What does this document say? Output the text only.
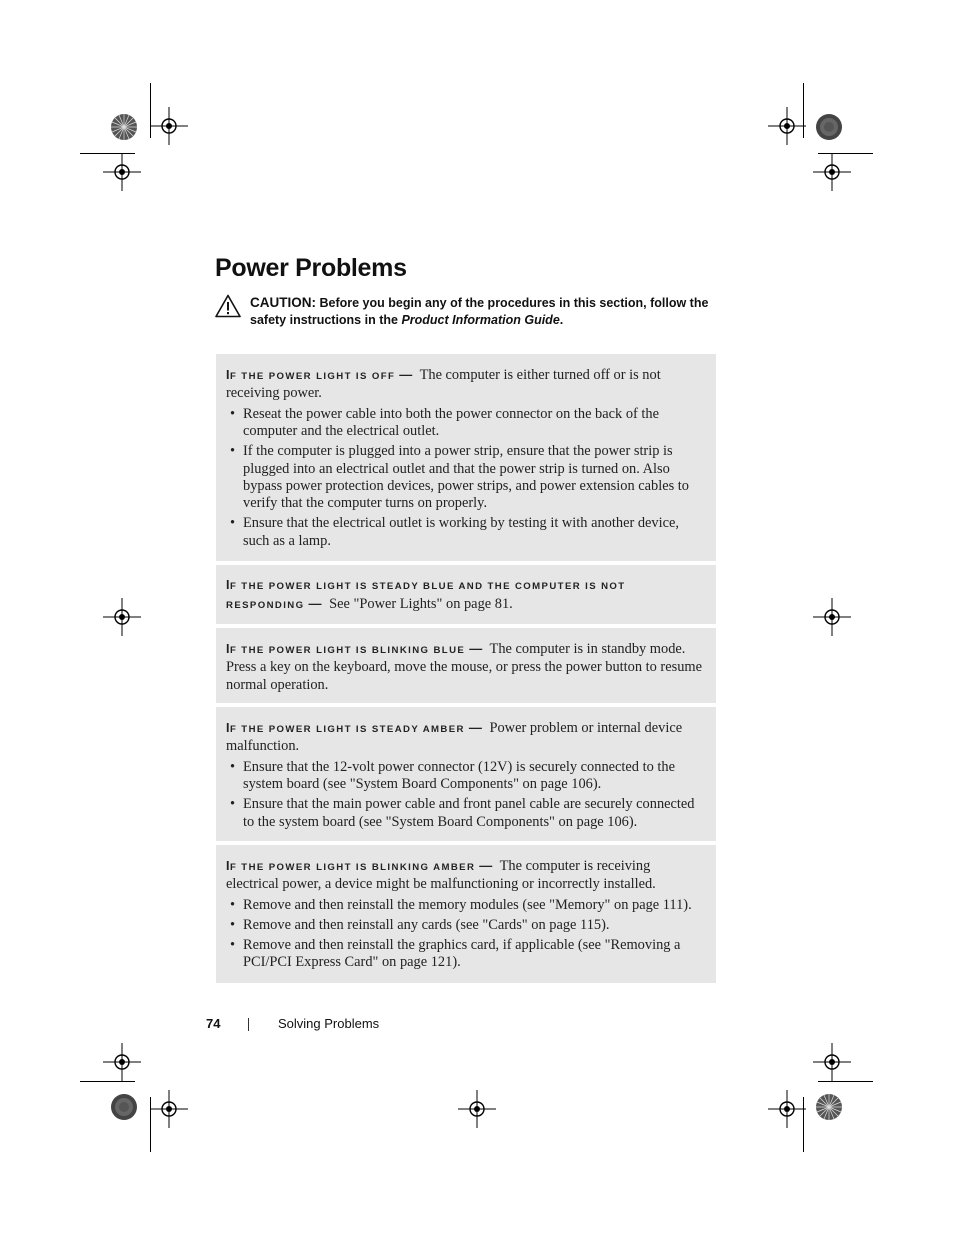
Power Problems
CAUTION: Before you begin any of the procedures in this section, follow the safety instructions in the Product Information Guide.
IF THE POWER LIGHT IS OFF — The computer is either turned off or is not receiving power.
• Reseat the power cable into both the power connector on the back of the computer and the electrical outlet.
• If the computer is plugged into a power strip, ensure that the power strip is plugged into an electrical outlet and that the power strip is turned on. Also bypass power protection devices, power strips, and power extension cables to verify that the computer turns on properly.
• Ensure that the electrical outlet is working by testing it with another device, such as a lamp.
IF THE POWER LIGHT IS STEADY BLUE AND THE COMPUTER IS NOT RESPONDING — See "Power Lights" on page 81.
IF THE POWER LIGHT IS BLINKING BLUE — The computer is in standby mode. Press a key on the keyboard, move the mouse, or press the power button to resume normal operation.
IF THE POWER LIGHT IS STEADY AMBER — Power problem or internal device malfunction.
• Ensure that the 12-volt power connector (12V) is securely connected to the system board (see "System Board Components" on page 106).
• Ensure that the main power cable and front panel cable are securely connected to the system board (see "System Board Components" on page 106).
IF THE POWER LIGHT IS BLINKING AMBER — The computer is receiving electrical power, a device might be malfunctioning or incorrectly installed.
• Remove and then reinstall the memory modules (see "Memory" on page 111).
• Remove and then reinstall any cards (see "Cards" on page 115).
• Remove and then reinstall the graphics card, if applicable (see "Removing a PCI/PCI Express Card" on page 121).
74	Solving Problems
